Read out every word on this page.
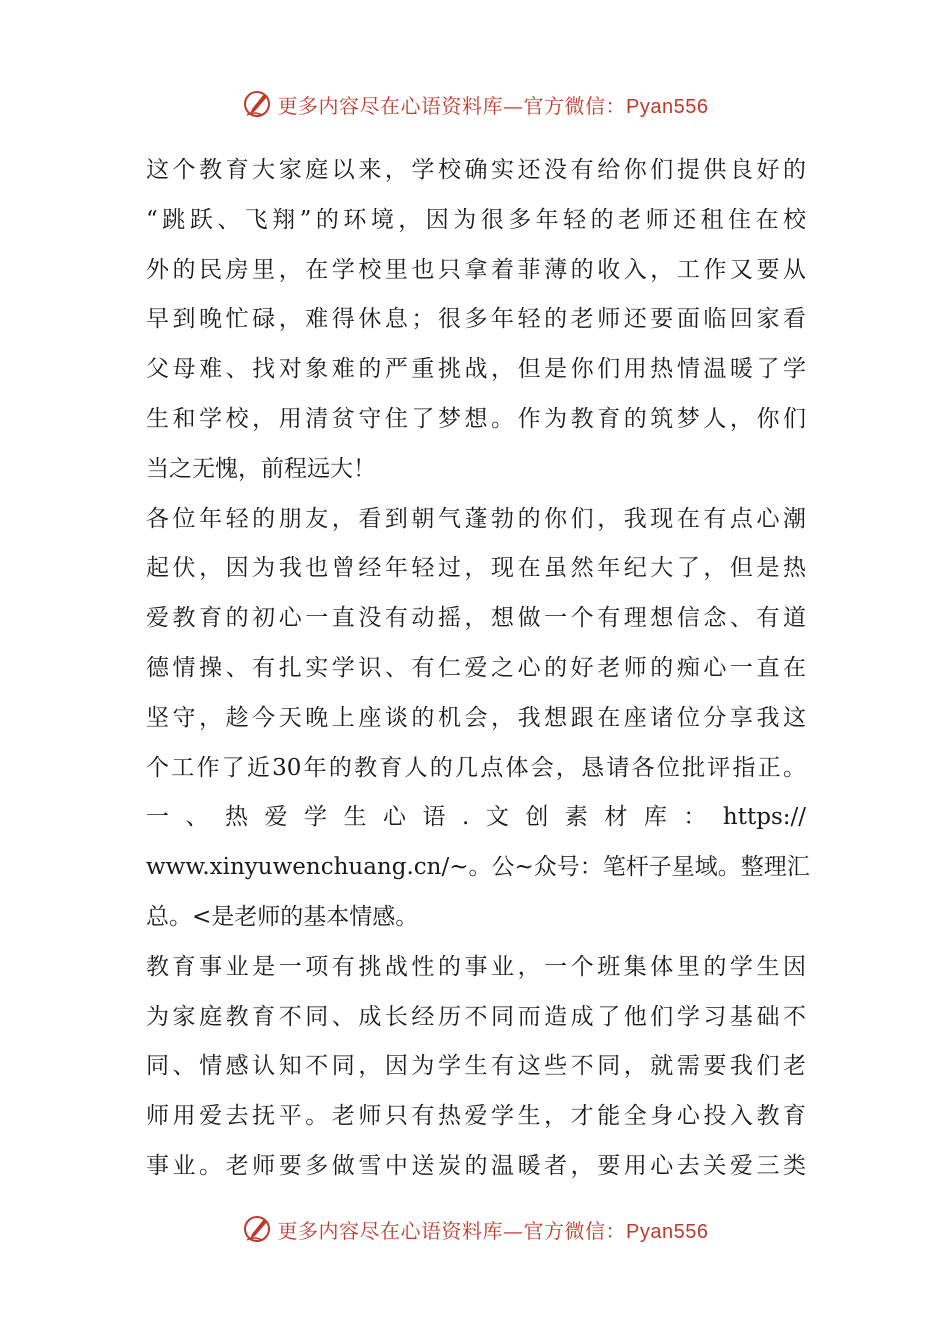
更多内容尽在心语资料库—官方微信：Pyan556
这个教育大家庭以来，学校确实还没有给你们提供良好的
“跳跃、飞翔”的环境，因为很多年轻的老师还租住在校
外的民房里，在学校里也只拿着菲薄的收入，工作又要从
早到晚忙碌，难得休息；很多年轻的老师还要面临回家看
父母难、找对象难的严重挑战，但是你们用热情温暖了学
生和学校，用清贫守住了梦想。作为教育的筑梦人，你们
当之无愧，前程远大！
各位年轻的朋友，看到朝气蓬勃的你们，我现在有点心潮
起伏，因为我也曾经年轻过，现在虽然年纪大了，但是热
爱教育的初心一直没有动摇，想做一个有理想信念、有道
德情操、有扎实学识、有仁爱之心的好老师的痴心一直在
坚守，趁今天晚上座谈的机会，我想跟在座诸位分享我这
个工作了近30年的教育人的几点体会，恳请各位批评指正。
一、热爱学生心语.文创素材库：https://
www.xinyuwenchuang.cn/~。公~众号：笔杆子星域。整理汇
总。<是老师的基本情感。
教育事业是一项有挑战性的事业，一个班集体里的学生因
为家庭教育不同、成长经历不同而造成了他们学习基础不
同、情感认知不同，因为学生有这些不同，就需要我们老
师用爱去抚平。老师只有热爱学生，才能全身心投入教育
事业。老师要多做雪中送炭的温暖者，要用心去关爱三类
更多内容尽在心语资料库—官方微信：Pyan556
